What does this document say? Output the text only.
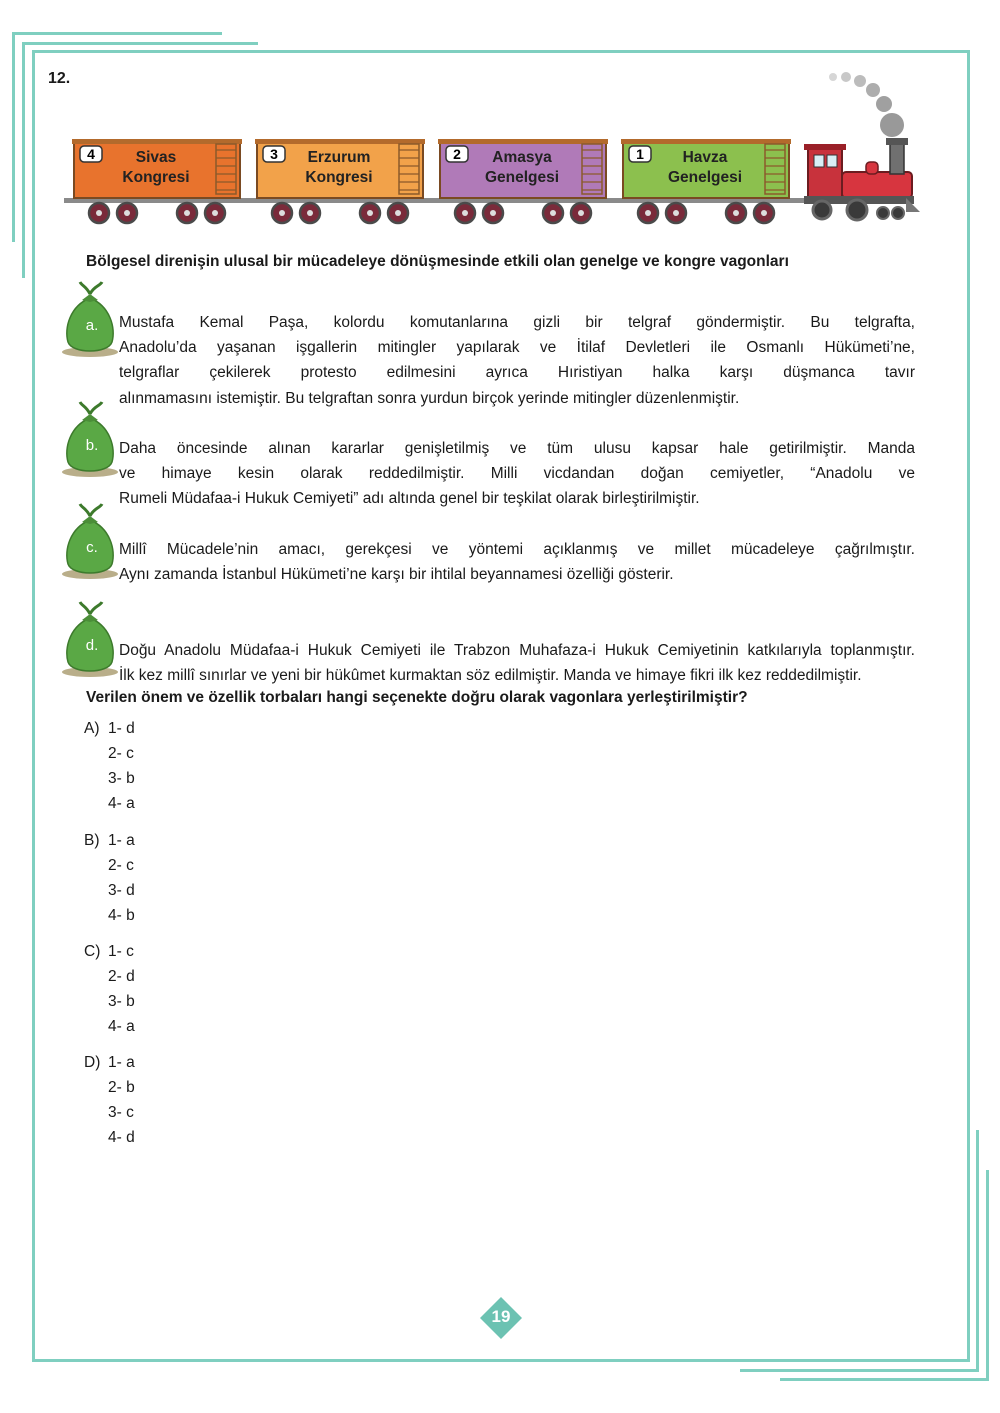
12.
4	Sivas
Kongresi
3 Erzurum
Kongresi
2 Amasya
Genelgesi
1 Havza
Genelgesi
Bölgesel direnişin ulusal bir mücadeleye dönüşmesinde etkili olan genelge ve kongre vagonları
a.	Mustafa Kemal Paşa, kolordu komutanlarına gizli bir telgraf göndermiştir. Bu telgrafta,
Anadolu’da yaşanan işgallerin mitingler yapılarak ve İtilaf Devletleri ile Osmanlı Hükümeti’ne,
telgraflar çekilerek protesto edilmesini ayrıca Hıristiyan halka karşı düşmanca tavır
alınmamasını istemiştir. Bu telgraftan sonra yurdun birçok yerinde mitingler düzenlenmiştir.
b.	Daha öncesinde alınan kararlar genişletilmiş ve tüm ulusu kapsar hale getirilmiştir. Manda
ve himaye kesin olarak reddedilmiştir. Milli vicdandan doğan cemiyetler, “Anadolu ve
Rumeli Müdafaa-i Hukuk Cemiyeti” adı altında genel bir teşkilat olarak birleştirilmiştir.
c.	Millî Mücadele’nin amacı, gerekçesi ve yöntemi açıklanmış ve millet mücadeleye çağrılmıştır.
Aynı zamanda İstanbul Hükümeti’ne karşı bir ihtilal beyannamesi özelliği gösterir.
d.	Doğu Anadolu Müdafaa-i Hukuk Cemiyeti ile Trabzon Muhafaza-i Hukuk Cemiyetinin katkılarıyla toplanmıştır.
İlk kez millî sınırlar ve yeni bir hükûmet kurmaktan söz edilmiştir. Manda ve himaye fikri ilk kez reddedilmiştir.
Verilen önem ve özellik torbaları hangi seçenekte doğru olarak vagonlara yerleştirilmiştir?
A) 1- d
2- c
3- b
4- a
B) 1- a
2- c
3- d
4- b
C) 1- c
2- d
3- b
4- a
D) 1- a
2- b
3- c
4- d
19
